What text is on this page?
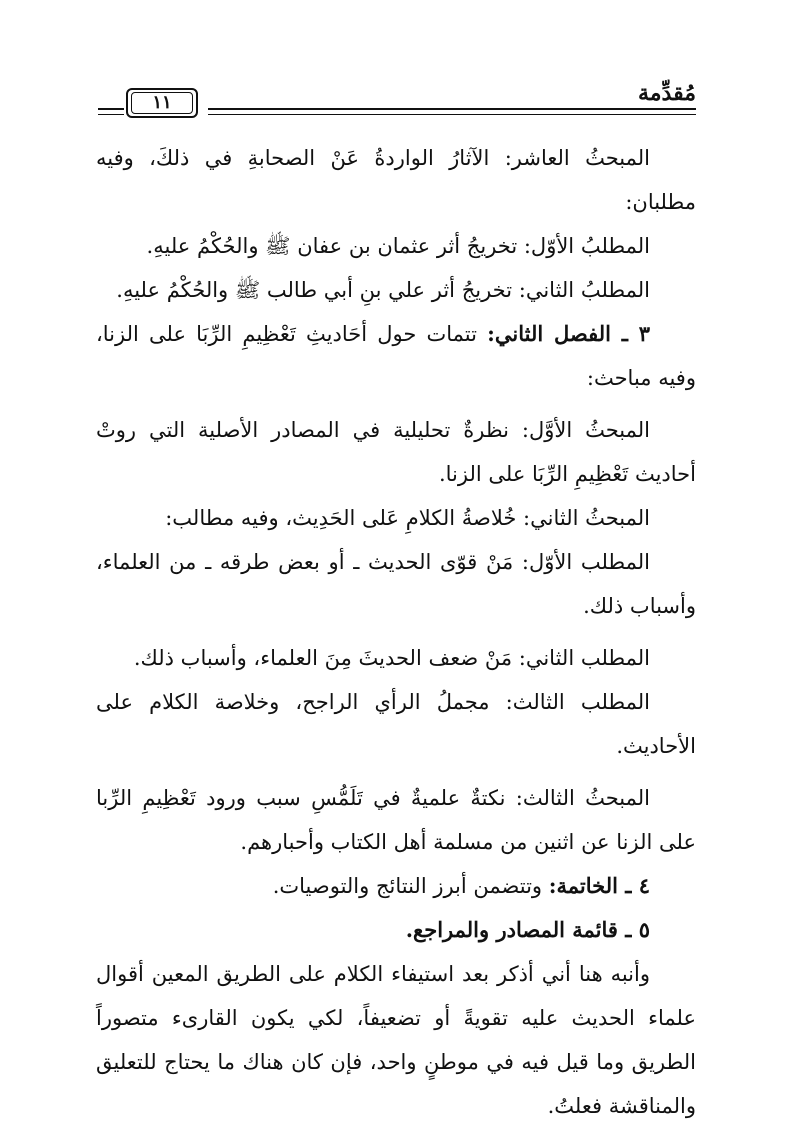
مُقدِّمة
١١

المبحثُ العاشر: الآثارُ الواردةُ عَنْ الصحابةِ في ذلكَ، وفيه مطلبان:

المطلبُ الأوّل: تخريجُ أثر عثمان بن عفان ﷺ والحُكْمُ عليهِ.

المطلبُ الثاني: تخريجُ أثر علي بنِ أبي طالب ﷺ والحُكْمُ عليهِ.

٣ ـ الفصل الثاني: تتمات حول أحَاديثِ تَعْظِيمِ الرِّبَا على الزنا، وفيه مباحث:

المبحثُ الأوَّل: نظرةٌ تحليلية في المصادر الأصلية التي روتْ أحاديث تَعْظِيمِ الرِّبَا على الزنا.

المبحثُ الثاني: خُلاصةُ الكلامِ عَلى الحَدِيث، وفيه مطالب:

المطلب الأوّل: مَنْ قوّى الحديث ـ أو بعض طرقه ـ من العلماء، وأسباب ذلك.

المطلب الثاني: مَنْ ضعف الحديثَ مِنَ العلماء، وأسباب ذلك.

المطلب الثالث: مجملُ الرأي الراجح، وخلاصة الكلام على الأحاديث.

المبحثُ الثالث: نكتةٌ علميةٌ في تَلَمُّسِ سبب ورود تَعْظِيمِ الرِّبا على الزنا عن اثنين من مسلمة أهل الكتاب وأحبارهم.

٤ ـ الخاتمة: وتتضمن أبرز النتائج والتوصيات.

٥ ـ قائمة المصادر والمراجع.

وأنبه هنا أني أذكر بعد استيفاء الكلام على الطريق المعين أقوال علماء الحديث عليه تقويةً أو تضعيفاً، لكي يكون القارىء متصوراً الطريق وما قيل فيه في موطنٍ واحد، فإن كان هناك ما يحتاج للتعليق والمناقشة فعلتُ.
